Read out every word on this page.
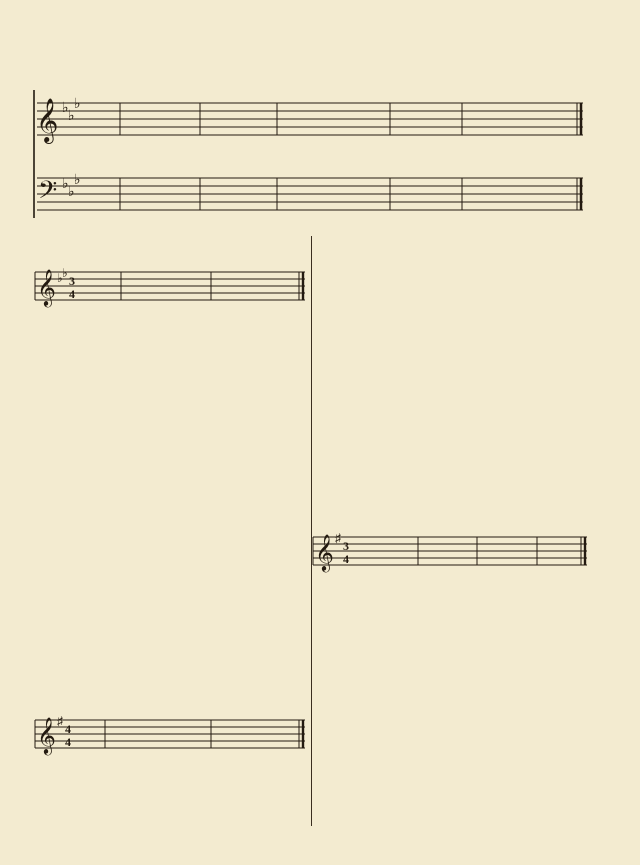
𝄞
𝄢
♭ ♭
♭
♭ ♭
♭
𝄞 ♭ ♭
3
4
𝄞 ♯
4
4
𝄞 ♯
3
4
